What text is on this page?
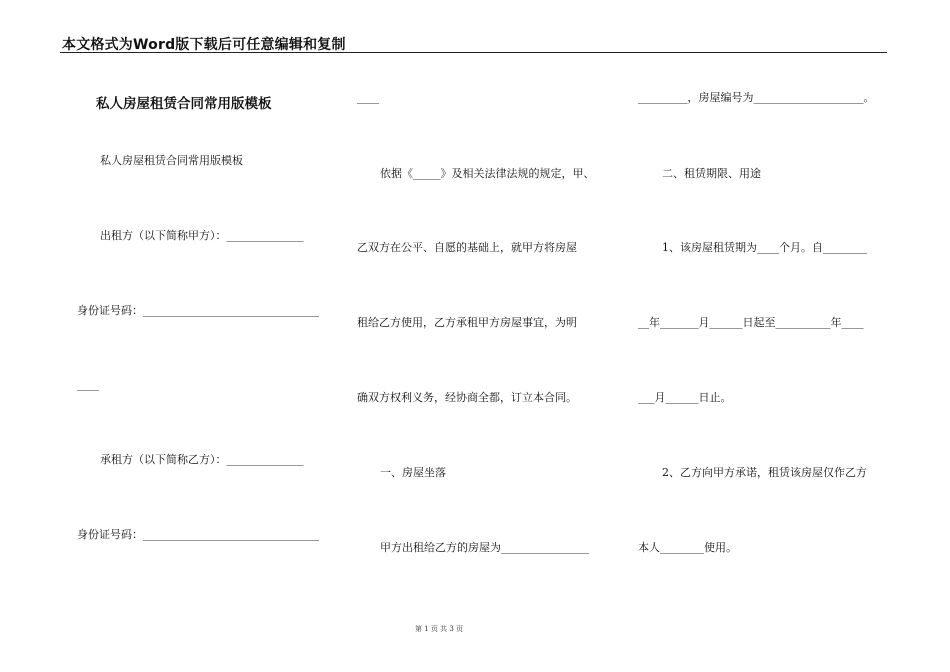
本文格式为Word版下载后可任意编辑和复制
私人房屋租赁合同常用版模板
私人房屋租赁合同常用版模板
出租方（以下简称甲方）：______________
身份证号码：________________________________
____
承租方（以下简称乙方）：______________
身份证号码：________________________________
____
依据《_____》及相关法律法规的规定，甲、
乙双方在公平、自愿的基础上，就甲方将房屋
租给乙方使用，乙方承租甲方房屋事宜，为明
确双方权利义务，经协商全都，订立本合同。
一、房屋坐落
甲方出租给乙方的房屋为________________
_________，房屋编号为____________________。
二、租赁期限、用途
1、该房屋租赁期为____个月。自________
__年_______月______日起至__________年____
___月______日止。
2、乙方向甲方承诺，租赁该房屋仅作乙方
本人________使用。
第 1 页 共 3 页
